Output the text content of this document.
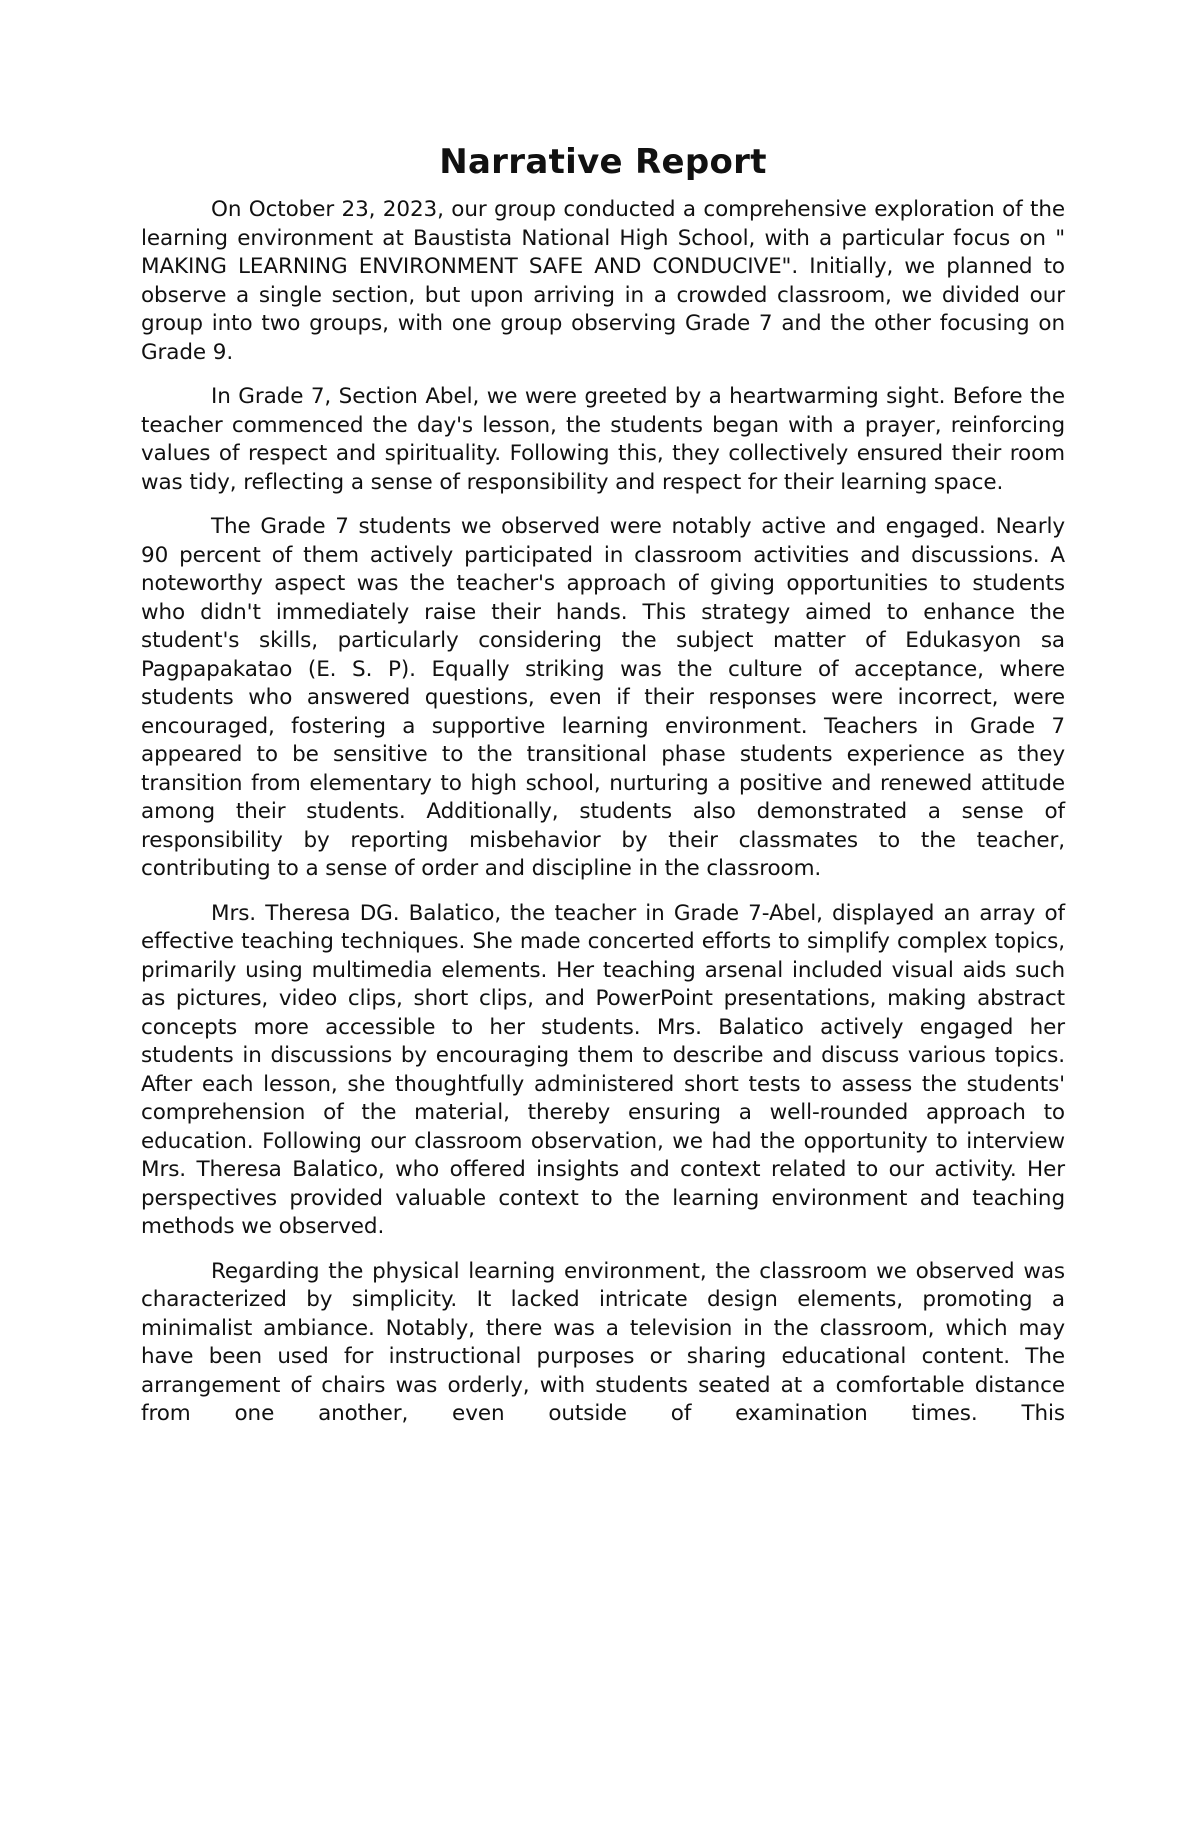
Narrative Report

On October 23, 2023, our group conducted a comprehensive exploration of the learning environment at Baustista National High School, with a particular focus on " MAKING LEARNING ENVIRONMENT SAFE AND CONDUCIVE". Initially, we planned to observe a single section, but upon arriving in a crowded classroom, we divided our group into two groups, with one group observing Grade 7 and the other focusing on Grade 9.

In Grade 7, Section Abel, we were greeted by a heartwarming sight. Before the teacher commenced the day's lesson, the students began with a prayer, reinforcing values of respect and spirituality. Following this, they collectively ensured their room was tidy, reflecting a sense of responsibility and respect for their learning space.

The Grade 7 students we observed were notably active and engaged. Nearly 90 percent of them actively participated in classroom activities and discussions. A noteworthy aspect was the teacher's approach of giving opportunities to students who didn't immediately raise their hands. This strategy aimed to enhance the student's skills, particularly considering the subject matter of Edukasyon sa Pagpapakatao (E. S. P). Equally striking was the culture of acceptance, where students who answered questions, even if their responses were incorrect, were encouraged, fostering a supportive learning environment. Teachers in Grade 7 appeared to be sensitive to the transitional phase students experience as they transition from elementary to high school, nurturing a positive and renewed attitude among their students. Additionally, students also demonstrated a sense of responsibility by reporting misbehavior by their classmates to the teacher, contributing to a sense of order and discipline in the classroom.

Mrs. Theresa DG. Balatico, the teacher in Grade 7-Abel, displayed an array of effective teaching techniques. She made concerted efforts to simplify complex topics, primarily using multimedia elements. Her teaching arsenal included visual aids such as pictures, video clips, short clips, and PowerPoint presentations, making abstract concepts more accessible to her students. Mrs. Balatico actively engaged her students in discussions by encouraging them to describe and discuss various topics. After each lesson, she thoughtfully administered short tests to assess the students' comprehension of the material, thereby ensuring a well-rounded approach to education. Following our classroom observation, we had the opportunity to interview Mrs. Theresa Balatico, who offered insights and context related to our activity. Her perspectives provided valuable context to the learning environment and teaching methods we observed.

Regarding the physical learning environment, the classroom we observed was characterized by simplicity. It lacked intricate design elements, promoting a minimalist ambiance. Notably, there was a television in the classroom, which may have been used for instructional purposes or sharing educational content. The arrangement of chairs was orderly, with students seated at a comfortable distance from one another, even outside of examination times. This
